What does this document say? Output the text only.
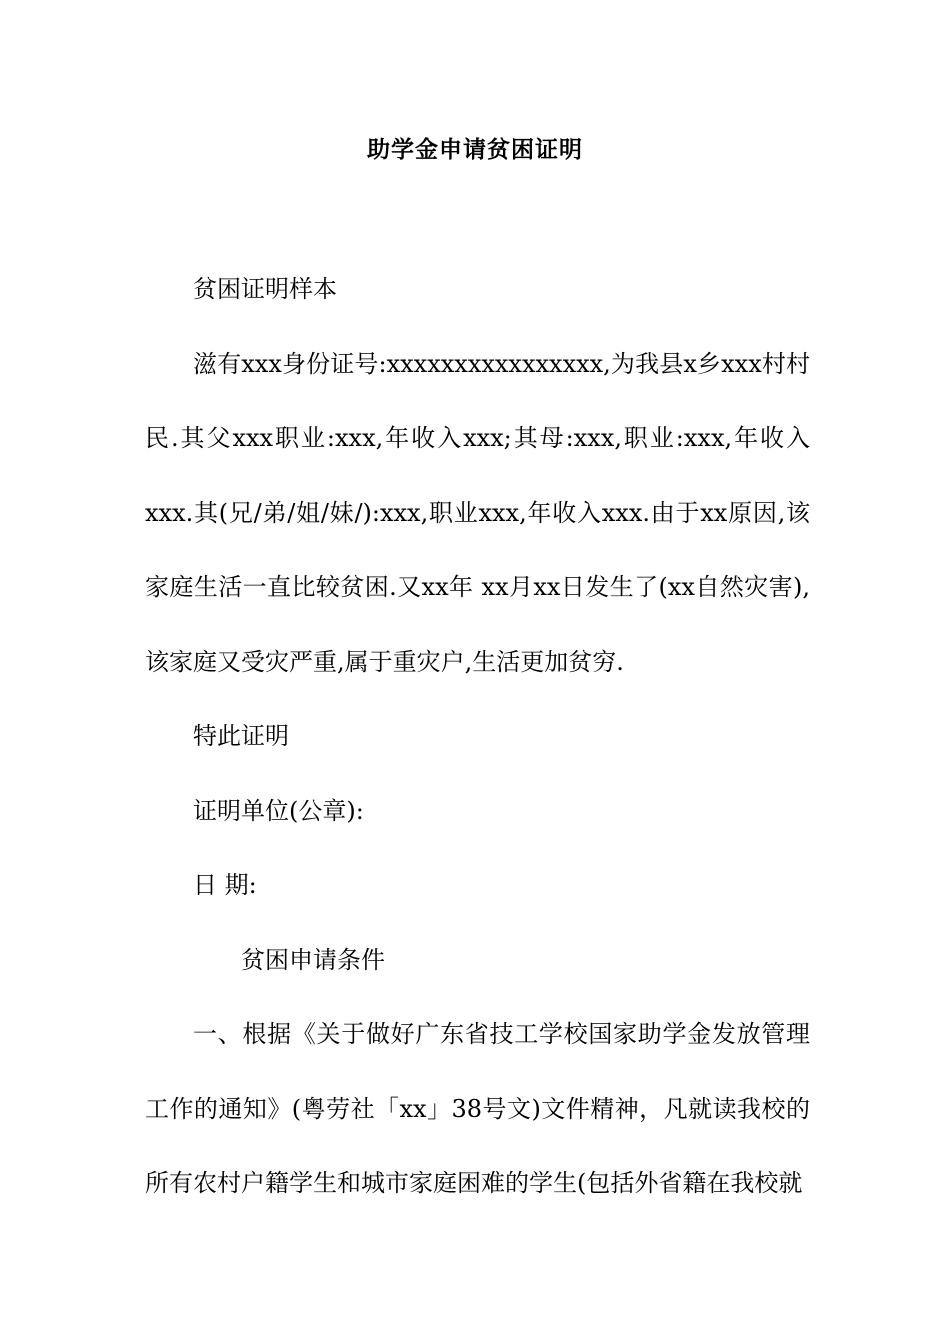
助学金申请贫困证明

贫困证明样本

滋有xxx身份证号:xxxxxxxxxxxxxxxx,为我县x乡xxx村村民.其父xxx职业:xxx,年收入xxx;其母:xxx,职业:xxx,年收入xxx.其(兄/弟/姐/妹/):xxx,职业xxx,年收入xxx.由于xx原因,该家庭生活一直比较贫困.又xx年 xx月xx日发生了(xx自然灾害),该家庭又受灾严重,属于重灾户,生活更加贫穷.

特此证明

证明单位(公章):

日 期:

贫困申请条件

一、根据《关于做好广东省技工学校国家助学金发放管理工作的通知》(粤劳社「xx」38号文)文件精神，凡就读我校的所有农村户籍学生和城市家庭困难的学生(包括外省籍在我校就
